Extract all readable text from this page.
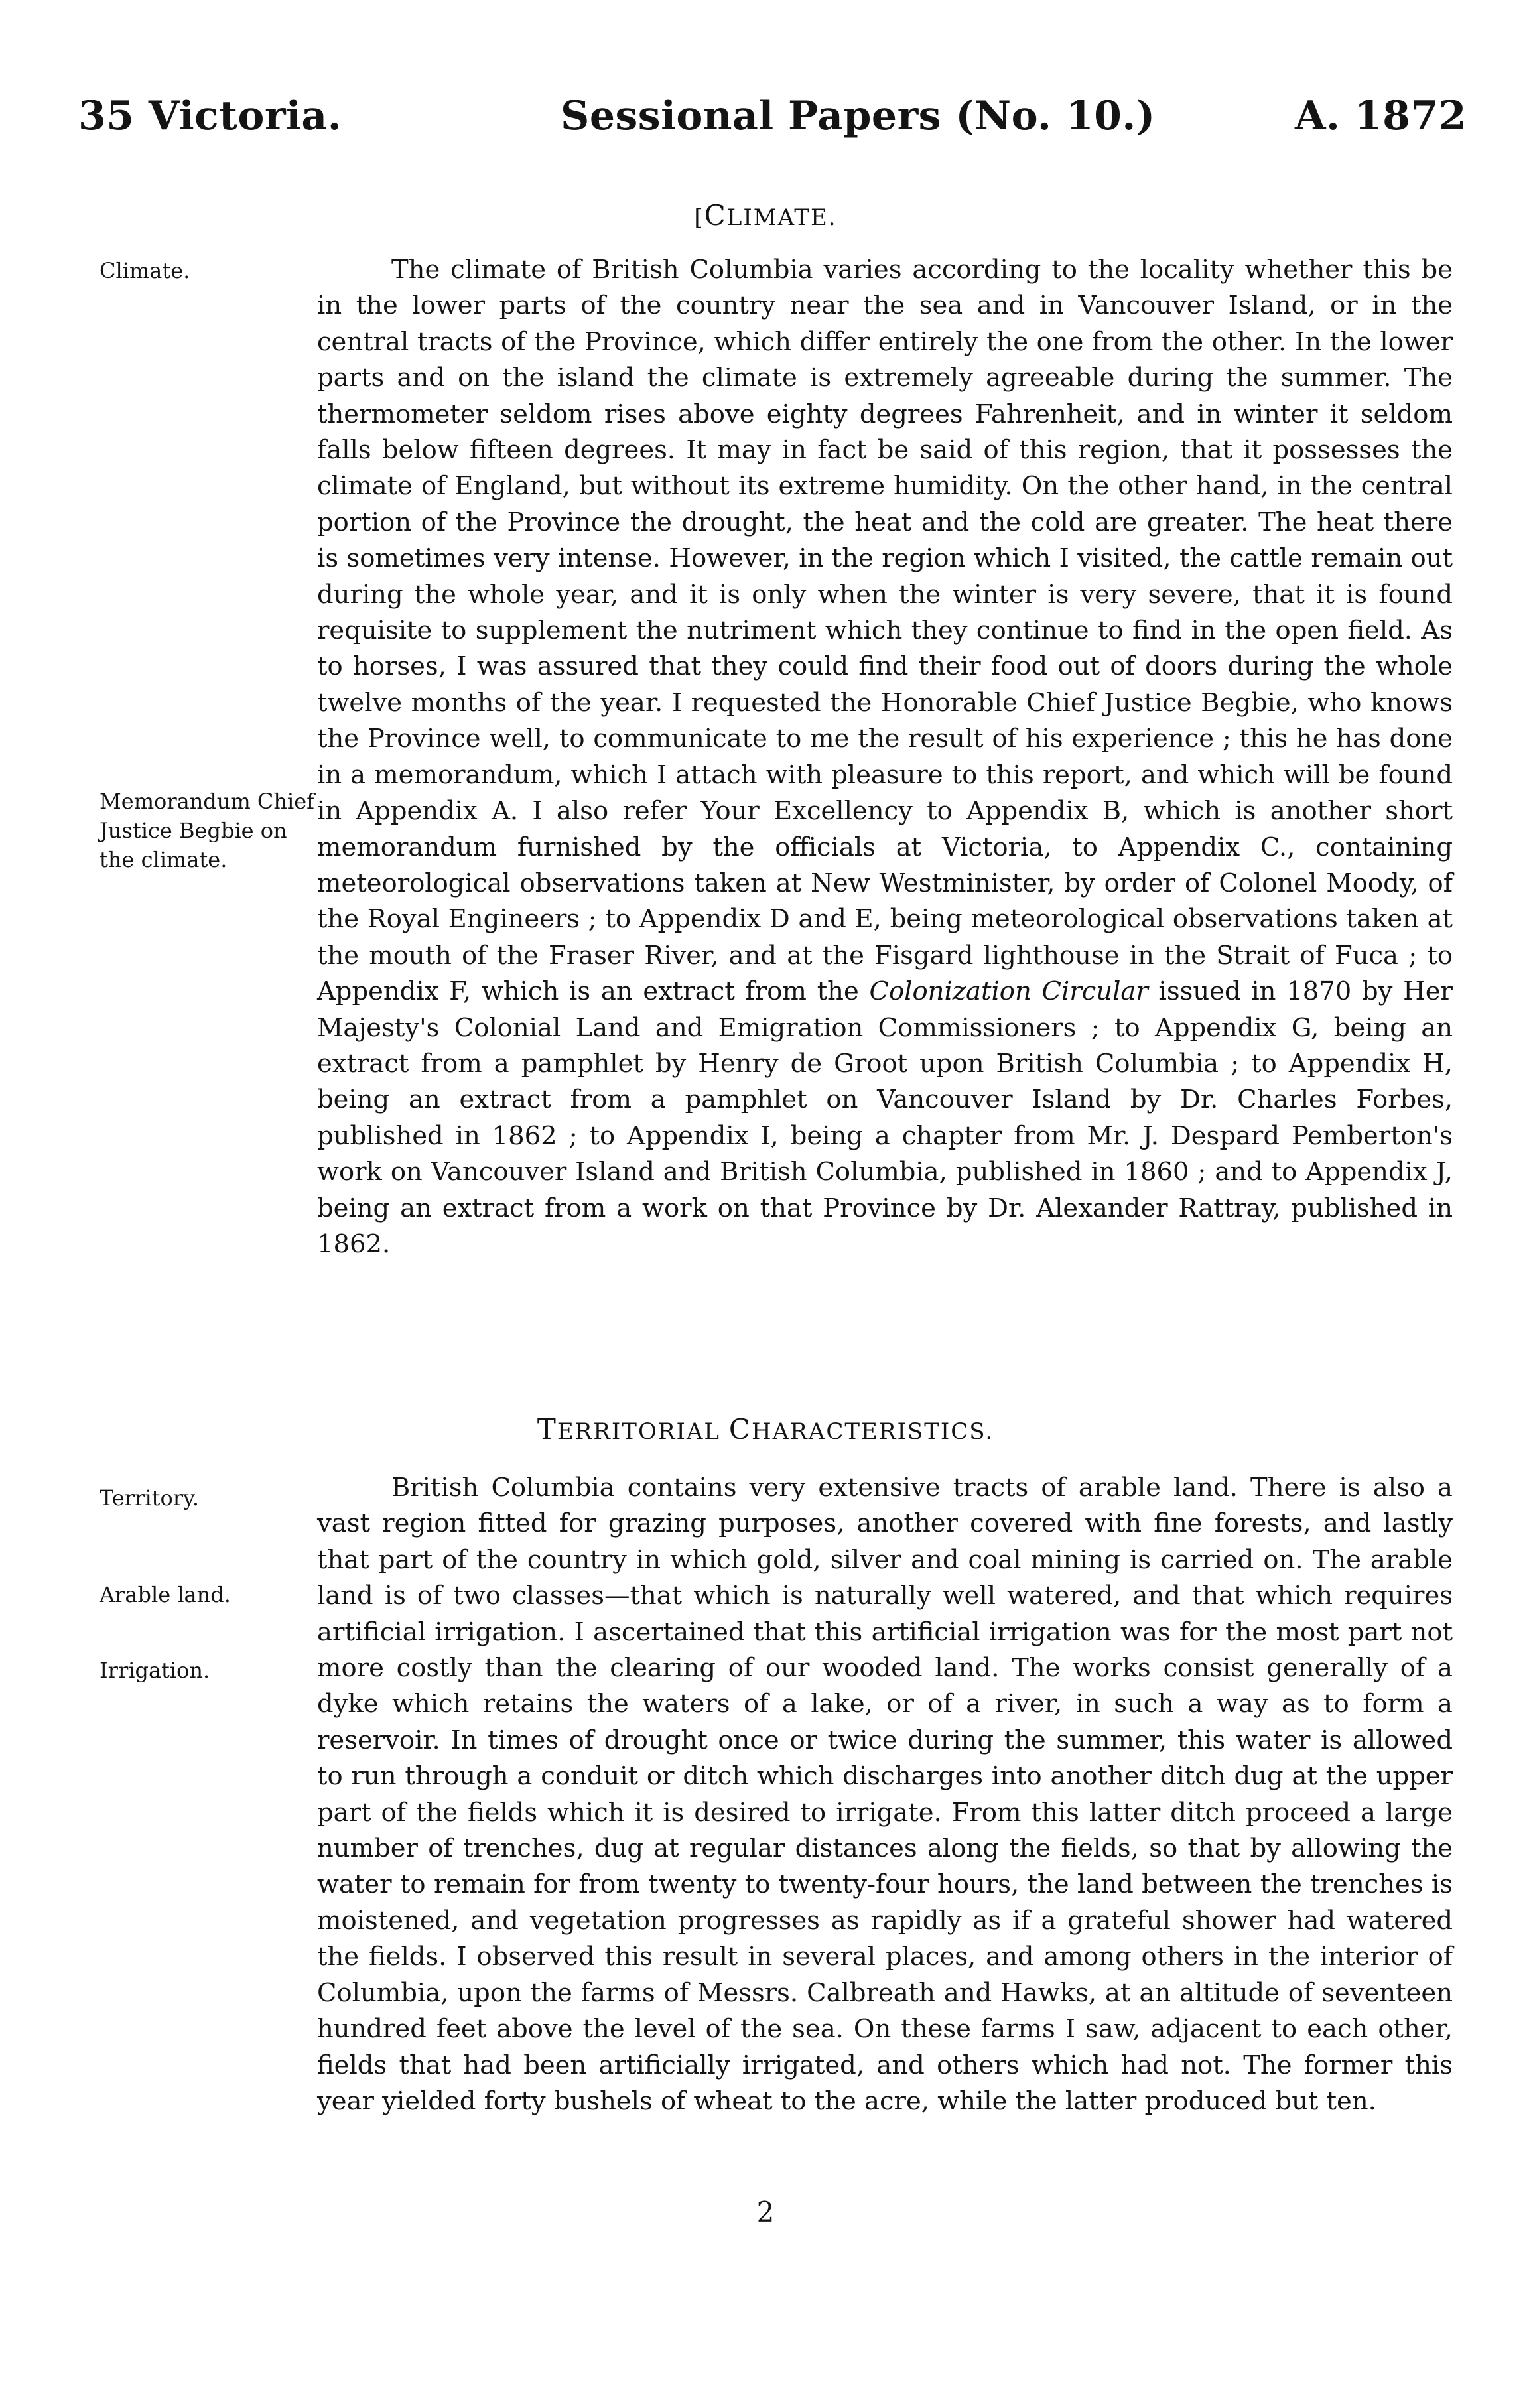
35 Victoria.	Sessional Papers (No. 10.)	A. 1872
[CLIMATE.
Climate.	The climate of British Columbia varies according to the locality whether this be in the lower parts of the country near the sea and in Vancouver Island, or in the central tracts of the Province, which differ entirely the one from the other. In the lower parts and on the island the climate is extremely agreeable during the summer. The thermometer seldom rises above eighty degrees Fahrenheit, and in winter it seldom falls below fifteen degrees. It may in fact be said of this region, that it possesses the climate of England, but without its extreme humidity. On the other hand, in the central portion of the Province the drought, the heat and the cold are greater. The heat there is sometimes very intense. However, in the region which I visited, the cattle remain out during the whole year, and it is only when the winter is very severe, that it is found requisite to supplement the nutriment which they continue to find in the open field. As to horses, I was assured that they could find their food out of doors during the whole twelve months of the year. I requested the Honorable Chief Justice Begbie, who knows the Province well, to communicate to me the result of his experience ; this he has done in a memorandum, which I attach with pleasure to this report, and which will be found in Appendix A. I also refer Your Excellency to Appendix B, which is another short memorandum furnished by the officials at Victoria, to Appendix C., containing meteorological observations taken at New Westminister, by order of Colonel Moody, of the Royal Engineers ; to Appendix D and E, being meteorological observations taken at the mouth of the Fraser River, and at the Fisgard lighthouse in the Strait of Fuca ; to Appendix F, which is an extract from the Colonization Circular issued in 1870 by Her Majesty's Colonial Land and Emigration Commissioners ; to Appendix G, being an extract from a pamphlet by Henry de Groot upon British Columbia ; to Appendix H, being an extract from a pamphlet on Vancouver Island by Dr. Charles Forbes, published in 1862 ; to Appendix I, being a chapter from Mr. J. Despard Pemberton's work on Vancouver Island and British Columbia, published in 1860 ; and to Appendix J, being an extract from a work on that Province by Dr. Alexander Rattray, published in 1862.

Memorandum Chief Justice Begbie on the climate.
TERRITORIAL CHARACTERISTICS.
Territory.	British Columbia contains very extensive tracts of arable land. There is also a vast region fitted for grazing purposes, another covered with fine forests, and lastly that part of the country in which gold, silver and coal mining is carried on. The arable land is of two classes—that which is naturally well watered, and that which requires artificial irrigation. I ascertained that this artificial irrigation was for the most part not more costly than the clearing of our wooded land. The works consist generally of a dyke which retains the waters of a lake, or of a river, in such a way as to form a reservoir. In times of drought once or twice during the summer, this water is allowed to run through a conduit or ditch which discharges into another ditch dug at the upper part of the fields which it is desired to irrigate. From this latter ditch proceed a large number of trenches, dug at regular distances along the fields, so that by allowing the water to remain for from twenty to twenty-four hours, the land between the trenches is moistened, and vegetation progresses as rapidly as if a grateful shower had watered the fields. I observed this result in several places, and among others in the interior of Columbia, upon the farms of Messrs. Calbreath and Hawks, at an altitude of seventeen hundred feet above the level of the sea. On these farms I saw, adjacent to each other, fields that had been artificially irrigated, and others which had not. The former this year yielded forty bushels of wheat to the acre, while the latter produced but ten.

Arable land.
Irrigation.
2
